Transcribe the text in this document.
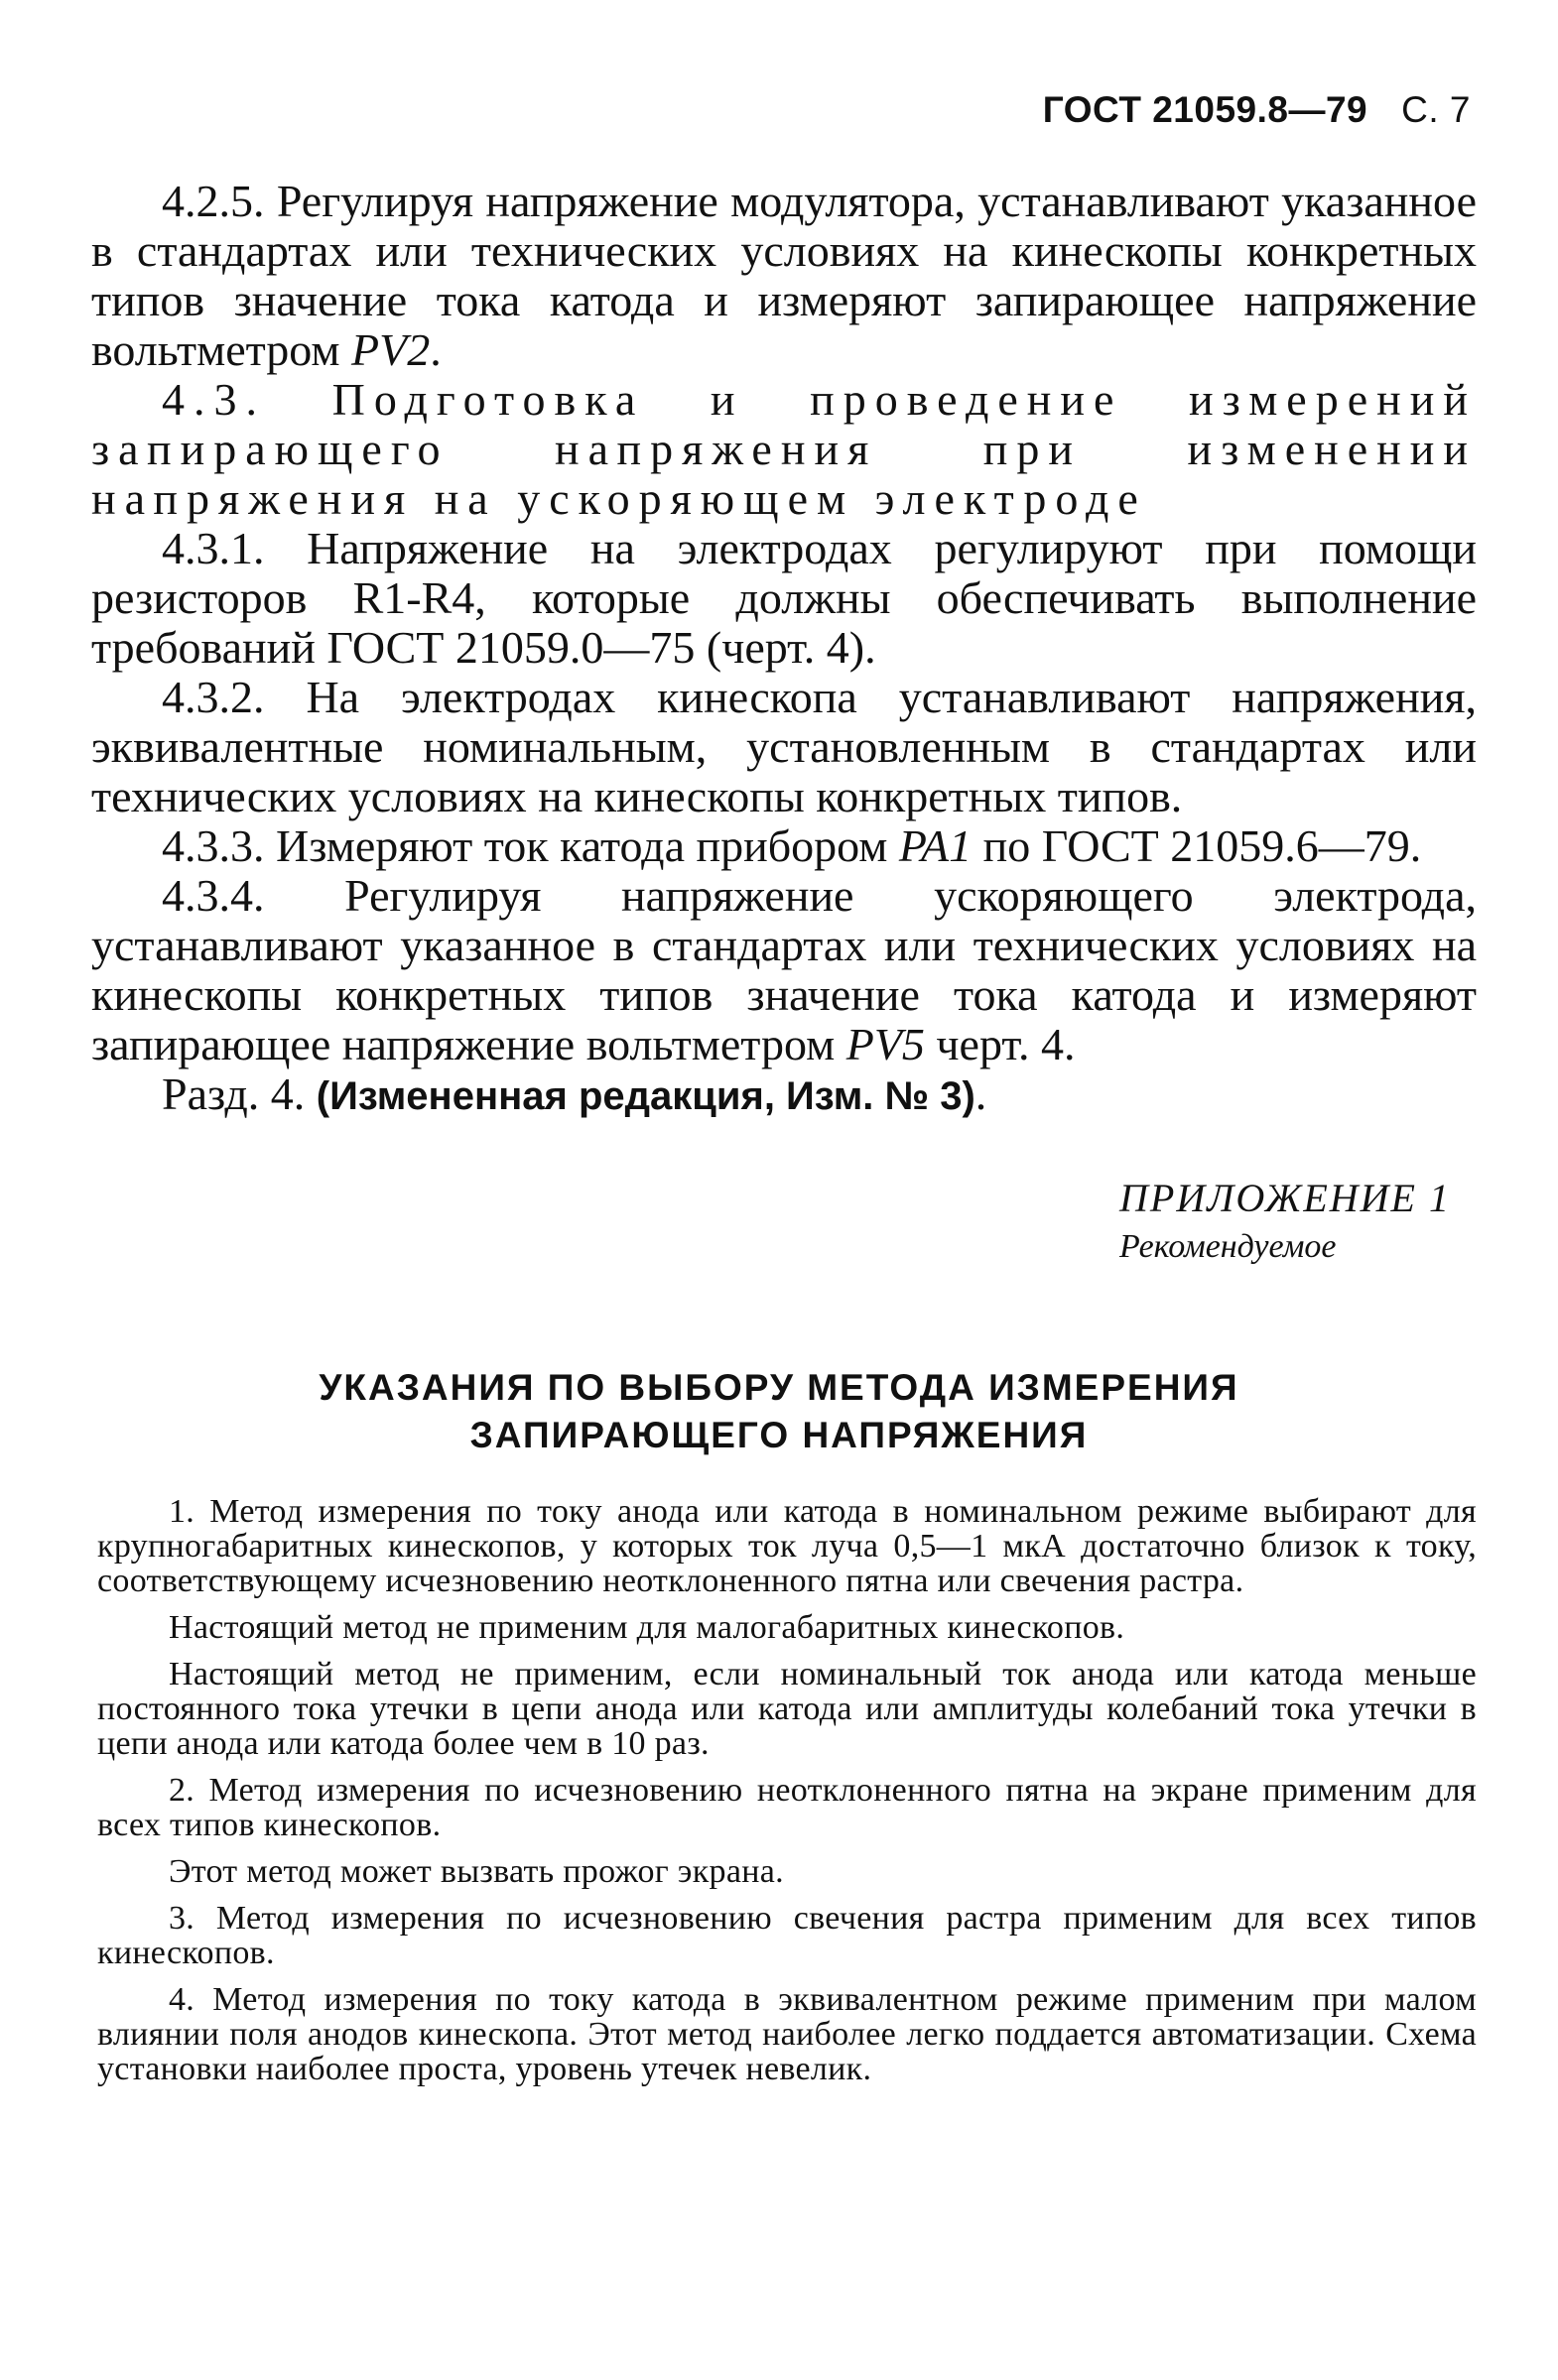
ГОСТ 21059.8—79 С. 7

4.2.5. Регулируя напряжение модулятора, устанавливают указанное в стандартах или технических условиях на кинескопы конкретных типов значение тока катода и измеряют запирающее напряжение вольтметром PV2.

4.3. Подготовка и проведение измерений запирающего напряжения при изменении напряжения на ускоряющем электроде

4.3.1. Напряжение на электродах регулируют при помощи резисторов R1-R4, которые должны обеспечивать выполнение требований ГОСТ 21059.0—75 (черт. 4).

4.3.2. На электродах кинескопа устанавливают напряжения, эквивалентные номинальным, установленным в стандартах или технических условиях на кинескопы конкретных типов.

4.3.3. Измеряют ток катода прибором PA1 по ГОСТ 21059.6—79.

4.3.4. Регулируя напряжение ускоряющего электрода, устанавливают указанное в стандартах или технических условиях на кинескопы конкретных типов значение тока катода и измеряют запирающее напряжение вольтметром PV5 черт. 4.

Разд. 4. (Измененная редакция, Изм. № 3).

ПРИЛОЖЕНИЕ 1
Рекомендуемое
УКАЗАНИЯ ПО ВЫБОРУ МЕТОДА ИЗМЕРЕНИЯ
ЗАПИРАЮЩЕГО НАПРЯЖЕНИЯ

1. Метод измерения по току анода или катода в номинальном режиме выбирают для крупногабаритных кинескопов, у которых ток луча 0,5—1 мкА достаточно близок к току, соответствующему исчезновению неотклоненного пятна или свечения растра.

Настоящий метод не применим для малогабаритных кинескопов.

Настоящий метод не применим, если номинальный ток анода или катода меньше постоянного тока утечки в цепи анода или катода или амплитуды колебаний тока утечки в цепи анода или катода более чем в 10 раз.

2. Метод измерения по исчезновению неотклоненного пятна на экране применим для всех типов кинескопов.

Этот метод может вызвать прожог экрана.

3. Метод измерения по исчезновению свечения растра применим для всех типов кинескопов.

4. Метод измерения по току катода в эквивалентном режиме применим при малом влиянии поля анодов кинескопа. Этот метод наиболее легко поддается автоматизации. Схема установки наиболее проста, уровень утечек невелик.
